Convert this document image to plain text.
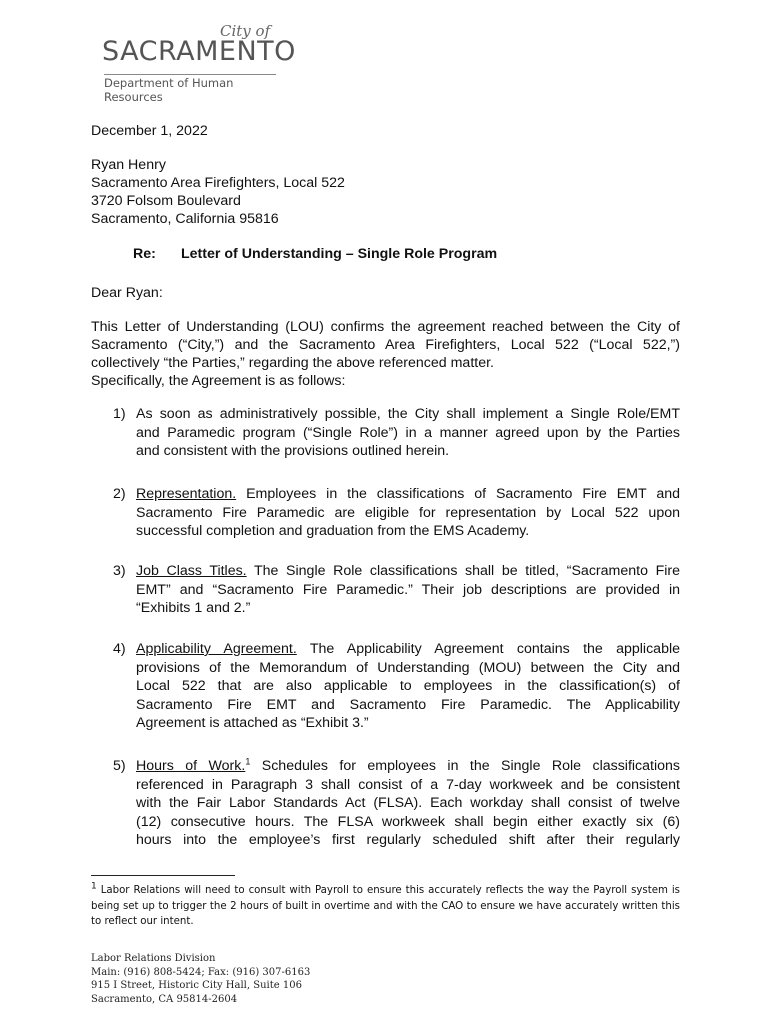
City of
SACRAMENTO
Department of Human Resources
December 1, 2022
Ryan Henry
Sacramento Area Firefighters, Local 522
3720 Folsom Boulevard
Sacramento, California 95816
Re: Letter of Understanding – Single Role Program
Dear Ryan:
This Letter of Understanding (LOU) confirms the agreement reached between the City of
Sacramento (“City,”) and the Sacramento Area Firefighters, Local 522 (“Local 522,”)
collectively “the Parties,” regarding the above referenced matter.
Specifically, the Agreement is as follows:
1) As soon as administratively possible, the City shall implement a Single Role/EMT
and Paramedic program (“Single Role”) in a manner agreed upon by the Parties
and consistent with the provisions outlined herein.
2) Representation. Employees in the classifications of Sacramento Fire EMT and
Sacramento Fire Paramedic are eligible for representation by Local 522 upon
successful completion and graduation from the EMS Academy.
3) Job Class Titles. The Single Role classifications shall be titled, “Sacramento Fire
EMT” and “Sacramento Fire Paramedic.” Their job descriptions are provided in
“Exhibits 1 and 2.”
4) Applicability Agreement. The Applicability Agreement contains the applicable
provisions of the Memorandum of Understanding (MOU) between the City and
Local 522 that are also applicable to employees in the classification(s) of
Sacramento Fire EMT and Sacramento Fire Paramedic. The Applicability
Agreement is attached as “Exhibit 3.”
5) Hours of Work.$^1$ Schedules for employees in the Single Role classifications
referenced in Paragraph 3 shall consist of a 7-day workweek and be consistent
with the Fair Labor Standards Act (FLSA). Each workday shall consist of twelve
(12) consecutive hours. The FLSA workweek shall begin either exactly six (6)
hours into the employee’s first regularly scheduled shift after their regularly
$^1$ Labor Relations will need to consult with Payroll to ensure this accurately reflects the way the Payroll system is
being set up to trigger the 2 hours of built in overtime and with the CAO to ensure we have accurately written this
to reflect our intent.
Labor Relations Division
Main: (916) 808-5424; Fax: (916) 307-6163
915 I Street, Historic City Hall, Suite 106
Sacramento, CA 95814-2604
